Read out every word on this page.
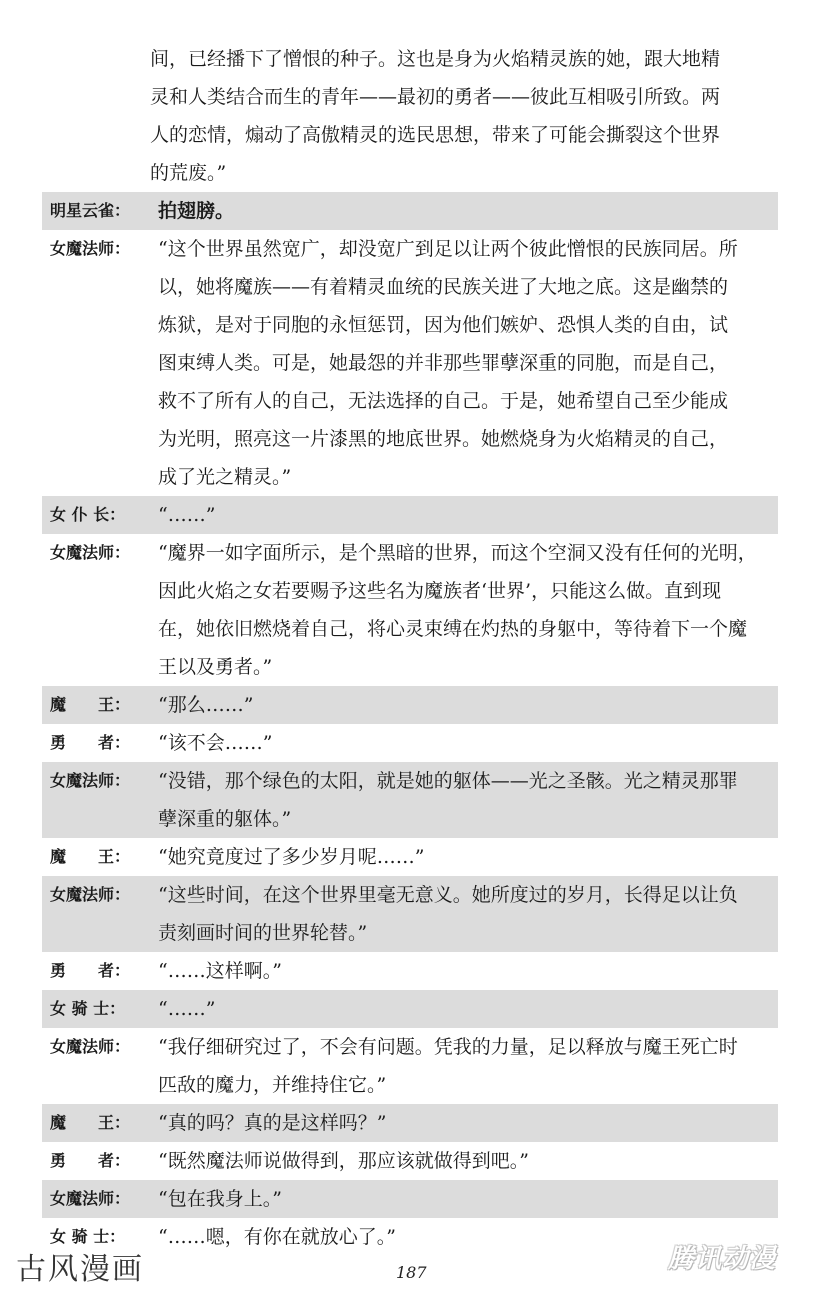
间，已经播下了憎恨的种子。这也是身为火焰精灵族的她，跟大地精
灵和人类结合而生的青年——最初的勇者——彼此互相吸引所致。两
人的恋情，煽动了高傲精灵的选民思想，带来了可能会撕裂这个世界
的荒废。”
明星云雀：	拍翅膀。
女魔法师：	“这个世界虽然宽广，却没宽广到足以让两个彼此憎恨的民族同居。所
以，她将魔族——有着精灵血统的民族关进了大地之底。这是幽禁的
炼狱，是对于同胞的永恒惩罚，因为他们嫉妒、恐惧人类的自由，试
图束缚人类。可是，她最怨的并非那些罪孽深重的同胞，而是自己，
救不了所有人的自己，无法选择的自己。于是，她希望自己至少能成
为光明，照亮这一片漆黑的地底世界。她燃烧身为火焰精灵的自己，
成了光之精灵。”
女 仆 长：	“……”
女魔法师：	“魔界一如字面所示，是个黑暗的世界，而这个空洞又没有任何的光明，
因此火焰之女若要赐予这些名为魔族者‘世界’，只能这么做。直到现
在，她依旧燃烧着自己，将心灵束缚在灼热的身躯中，等待着下一个魔
王以及勇者。”
魔　　王：	“那么……”
勇　　者：	“该不会……”
女魔法师：	“没错，那个绿色的太阳，就是她的躯体——光之圣骸。光之精灵那罪
孽深重的躯体。”
魔　　王：	“她究竟度过了多少岁月呢……”
女魔法师：	“这些时间，在这个世界里毫无意义。她所度过的岁月，长得足以让负
责刻画时间的世界轮替。”
勇　　者：	“……这样啊。”
女 骑 士：	“……”
女魔法师：	“我仔细研究过了，不会有问题。凭我的力量，足以释放与魔王死亡时
匹敌的魔力，并维持住它。”
魔　　王：	“真的吗？真的是这样吗？”
勇　　者：	“既然魔法师说做得到，那应该就做得到吧。”
女魔法师：	“包在我身上。”
女 骑 士：	“……嗯，有你在就放心了。”
古风漫画	187	腾讯动漫
